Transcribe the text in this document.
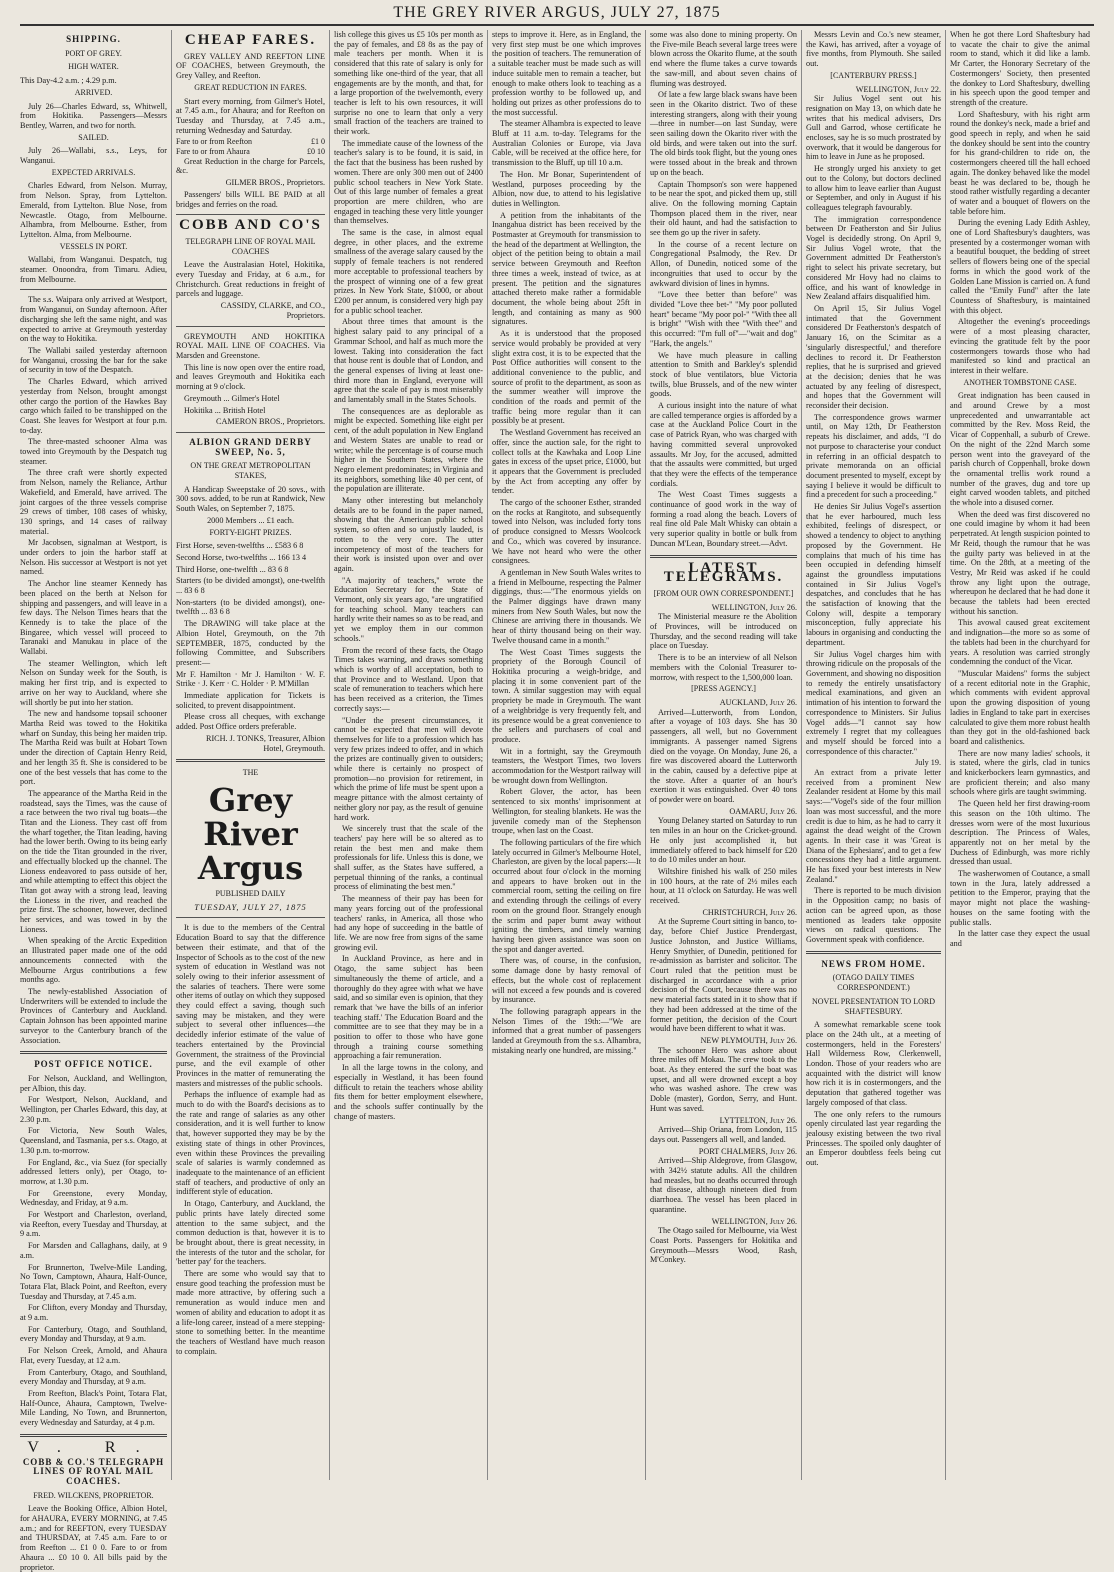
THE GREY RIVER ARGUS, JULY 27, 1875
SHIPPING.
PORT OF GREY.
HIGH WATER.

This Day-4.2 a.m. ; 4.29 p.m.

ARRIVED.

July 26—Charles Edward, ss, Whitwell, from Hokitika. Passengers—Messrs Bentley, Warren, and two for north.

SAILED.

July 26—Wallabi, s.s., Leys, for Wanganui.

EXPECTED ARRIVALS.

Charles Edward, from Nelson. Murray, from Nelson. Spray, from Lyttelton. Emerald, from Lyttelton. Blue Nose, from Newcastle. Otago, from Melbourne. Alhambra, from Melbourne. Esther, from Lyttelton. Alma, from Melbourne.

VESSELS IN PORT.

Wallabi, from Wanganui. Despatch, tug steamer. Onoondra, from Timaru. Adieu, from Melbourne.

The s.s. Waipara only arrived at Westport, from Wanganui, on Sunday afternoon. After discharging she left the same night, and was expected to arrive at Greymouth yesterday on the way to Hokitika.

The Wallabi sailed yesterday afternoon for Wanganui, crossing the bar for the sake of security in tow of the Despatch.

The Charles Edward, which arrived yesterday from Nelson, brought amongst other cargo the portion of the Hawkes Bay cargo which failed to be transhipped on the Coast. She leaves for Westport at four p.m. to-day.

The three-masted schooner Alma was towed into Greymouth by the Despatch tug steamer.

The three craft were shortly expected from Nelson, namely the Reliance, Arthur Wakefield, and Emerald, have arrived. The joint cargoes of the three vessels comprise 29 crews of timber, 108 cases of whisky, 130 springs, and 14 cases of railway material.

Mr Jacobsen, signalman at Westport, is under orders to join the harbor staff at Nelson. His successor at Westport is not yet named.

The Anchor line steamer Kennedy has been placed on the berth at Nelson for shipping and passengers, and will leave in a few days. The Nelson Times hears that the Kennedy is to take the place of the Bingaree, which vessel will proceed to Taranaki and Manukau in place of the Wallabi.

The steamer Wellington, which left Nelson on Sunday week for the South, is making her first trip, and is expected to arrive on her way to Auckland, where she will shortly be put into her station.

The new and handsome topsail schooner Martha Reid was towed to the Hokitika wharf on Sunday, this being her maiden trip. The Martha Reid was built at Hobart Town under the direction of Captain Henry Reid, and her length 35 ft. She is considered to be one of the best vessels that has come to the port.

The appearance of the Martha Reid in the roadstead, says the Times, was the cause of a race between the two rival tug boats—the Titan and the Lioness. They cast off from the wharf together, the Titan leading, having had the lower berth. Owing to its being early on the tide the Titan grounded in the river, and effectually blocked up the channel. The Lioness endeavored to pass outside of her, and while attempting to effect this object the Titan got away with a strong lead, leaving the Lioness in the river, and reached the prize first. The schooner, however, declined her services, and was towed in by the Lioness.

When speaking of the Arctic Expedition an Illustrated paper made one of the odd announcements connected with the Melbourne Argus contributions a few months ago.

The newly-established Association of Underwriters will be extended to include the Provinces of Canterbury and Auckland. Captain Johnson has been appointed marine surveyor to the Canterbury branch of the Association.

POST OFFICE NOTICE.

For Nelson, Auckland, and Wellington, per Albion, this day.

For Westport, Nelson, Auckland, and Wellington, per Charles Edward, this day, at 2.30 p.m.

For Victoria, New South Wales, Queensland, and Tasmania, per s.s. Otago, at 1.30 p.m. to-morrow.

For England, &c., via Suez (for specially addressed letters only), per Otago, to-morrow, at 1.30 p.m.

For Greenstone, every Monday, Wednesday, and Friday, at 9 a.m.

For Westport and Charleston, overland, via Reefton, every Tuesday and Thursday, at 9 a.m.

For Marsden and Callaghans, daily, at 9 a.m.

For Brunnerton, Twelve-Mile Landing, No Town, Camptown, Ahaura, Half-Ounce, Totara Flat, Black Point, and Reefton, every Tuesday and Thursday, at 7.45 a.m.

For Clifton, every Monday and Thursday, at 9 a.m.

For Canterbury, Otago, and Southland, every Monday and Thursday, at 9 a.m.

For Nelson Creek, Arnold, and Ahaura Flat, every Tuesday, at 12 a.m.

From Canterbury, Otago, and Southland, every Monday and Thursday, at 9 a.m.

From Reefton, Black's Point, Totara Flat, Half-Ounce, Ahaura, Camptown, Twelve-Mile Landing, No Town, and Brunnerton, every Wednesday and Saturday, at 4 p.m.

V. R.
COBB & CO.'S TELEGRAPH LINES OF ROYAL MAIL COACHES.
FRED. WILCKENS, PROPRIETOR.

Leave the Booking Office, Albion Hotel, for AHAURA, EVERY MORNING, at 7.45 a.m.; and for REEFTON, every TUESDAY and THURSDAY, at 7.45 a.m. Fare to or from Reefton ... £1 0 0. Fare to or from Ahaura ... £0 10 0. All bills paid by the proprietor.

CHEAP FARES.

GREY VALLEY AND REEFTON LINE OF COACHES, between Greymouth, the Grey Valley, and Reefton.

GREAT REDUCTION IN FARES.

Start every morning, from Gilmer's Hotel, at 7.45 a.m., for Ahaura; and for Reefton on Tuesday and Thursday, at 7.45 a.m., returning Wednesday and Saturday.

Fare to or from Reefton	£1 0
Fare to or from Ahaura	£0 10

Great Reduction in the charge for Parcels, &c.

GILMER BROS., Proprietors.

Passengers' bills WILL BE PAID at all bridges and ferries on the road.

COBB AND CO'S
TELEGRAPH LINE OF ROYAL MAIL COACHES

Leave the Australasian Hotel, Hokitika, every Tuesday and Friday, at 6 a.m., for Christchurch. Great reductions in freight of parcels and luggage.

CASSIDY, CLARKE, and CO., Proprietors.

GREYMOUTH AND HOKITIKA ROYAL MAIL LINE OF COACHES. Via Marsden and Greenstone.

This line is now open over the entire road, and leaves Greymouth and Hokitika each morning at 9 o'clock.

Greymouth ... Gilmer's Hotel

Hokitika ... British Hotel

CAMERON BROS., Proprietors.

ALBION GRAND DERBY SWEEP, No. 5,
ON THE GREAT METROPOLITAN STAKES,

A Handicap Sweepstake of 20 sovs., with 300 sovs. added, to be run at Randwick, New South Wales, on September 7, 1875.

2000 Members ... £1 each.
FORTY-EIGHT PRIZES.

First Horse, seven-twelfths ... £583 6 8

Second Horse, two-twelfths ... 166 13 4

Third Horse, one-twelfth ... 83 6 8

Starters (to be divided amongst), one-twelfth ... 83 6 8

Non-starters (to be divided amongst), one-twelfth ... 83 6 8

The DRAWING will take place at the Albion Hotel, Greymouth, on the 7th SEPTEMBER, 1875, conducted by the following Committee, and Subscribers present:—

Mr F. Hamilton · Mr J. Hamilton · W. F. Strike · J. Kerr · C. Holder · P. M'Millan

Immediate application for Tickets is solicited, to prevent disappointment.

Please cross all cheques, with exchange added. Post Office orders preferable.

RICH. J. TONKS, Treasurer, Albion Hotel, Greymouth.

THE
Grey River Argus
PUBLISHED DAILY
TUESDAY, JULY 27, 1875

It is due to the members of the Central Education Board to say that the difference between their estimate, and that of the Inspector of Schools as to the cost of the new system of education in Westland was not solely owing to their inferior assessment of the salaries of teachers. There were some other items of outlay on which they supposed they could effect a saving, though such saving may be mistaken, and they were subject to several other influences—the decidedly inferior estimate of the value of teachers entertained by the Provincial Government, the straitness of the Provincial purse, and the evil example of other Provinces in the matter of remunerating the masters and mistresses of the public schools.

Perhaps the influence of example had as much to do with the Board's decisions as to the rate and range of salaries as any other consideration, and it is well further to know that, however supported they may be by the existing state of things in other Provinces, even within these Provinces the prevailing scale of salaries is warmly condemned as inadequate to the maintenance of an efficient staff of teachers, and productive of only an indifferent style of education.

In Otago, Canterbury, and Auckland, the public prints have lately directed some attention to the same subject, and the common deduction is that, however it is to be brought about, there is great necessity, in the interests of the tutor and the scholar, for 'better pay' for the teachers.

There are some who would say that to ensure good teaching the profession must be made more attractive, by offering such a remuneration as would induce men and women of ability and education to adopt it as a life-long career, instead of a mere stepping-stone to something better. In the meantime the teachers of Westland have much reason to complain.

lish college this gives us £5 10s per month as the pay of females, and £8 8s as the pay of male teachers per month. When it is considered that this rate of salary is only for something like one-third of the year, that all engagements are by the month, and that, for a large proportion of the twelvemonth, every teacher is left to his own resources, it will surprise no one to learn that only a very small fraction of the teachers are trained to their work.

The immediate cause of the lowness of the teacher's salary is to be found, it is said, in the fact that the business has been rushed by women. There are only 300 men out of 2400 public school teachers in New York State. Out of this large number of females a great proportion are mere children, who are engaged in teaching these very little younger than themselves.

The same is the case, in almost equal degree, in other places, and the extreme smallness of the average salary caused by the supply of female teachers is not rendered more acceptable to professional teachers by the prospect of winning one of a few great prizes. In New York State, $1000, or about £200 per annum, is considered very high pay for a public school teacher.

About three times that amount is the highest salary paid to any principal of a Grammar School, and half as much more the lowest. Taking into consideration the fact that house rent is double that of London, and the general expenses of living at least one-third more than in England, everyone will agree that the scale of pay is most miserably and lamentably small in the States Schools.

The consequences are as deplorable as might be expected. Something like eight per cent, of the adult population in New England and Western States are unable to read or write; while the percentage is of course much higher in the Southern States, where the Negro element predominates; in Virginia and its neighbors, something like 40 per cent, of the population are illiterate.

Many other interesting but melancholy details are to be found in the paper named, showing that the American public school system, so often and so unjustly lauded, is rotten to the very core. The utter incompetency of most of the teachers for their work is insisted upon over and over again.

"A majority of teachers," wrote the Education Secretary for the State of Vermont, only six years ago, "are ungratified for teaching school. Many teachers can hardly write their names so as to be read, and yet we employ them in our common schools."

From the record of these facts, the Otago Times takes warning, and draws something which is worthy of all acceptation, both to that Province and to Westland. Upon that scale of remuneration to teachers which here has been received as a criterion, the Times correctly says:—

"Under the present circumstances, it cannot be expected that men will devote themselves for life to a profession which has very few prizes indeed to offer, and in which the prizes are continually given to outsiders; while there is certainly no prospect of promotion—no provision for retirement, in which the prime of life must be spent upon a meagre pittance with the almost certainty of neither glory nor pay, as the result of genuine hard work.

We sincerely trust that the scale of the teachers' pay here will be so altered as to retain the best men and make them professionals for life. Unless this is done, we shall suffer, as the States have suffered, a perpetual thinning of the ranks, a continual process of eliminating the best men."

The meanness of their pay has been for many years forcing out of the professional teachers' ranks, in America, all those who had any hope of succeeding in the battle of life. We are now free from signs of the same growing evil.

In Auckland Province, as here and in Otago, the same subject has been simultaneously the theme of article, and a thoroughly do they agree with what we have said, and so similar even is opinion, that they remark that 'we have the bills of an inferior teaching staff.' The Education Board and the committee are to see that they may be in a position to offer to those who have gone through a training course something approaching a fair remuneration.

In all the large towns in the colony, and especially in Westland, it has been found difficult to retain the teachers whose ability fits them for better employment elsewhere, and the schools suffer continually by the change of masters.

steps to improve it. Here, as in England, the very first step must be one which improves the position of teachers. The remuneration of a suitable teacher must be made such as will induce suitable men to remain a teacher, but enough to make others look to teaching as a profession worthy to be followed up, and holding out prizes as other professions do to the most successful.

The steamer Alhambra is expected to leave Bluff at 11 a.m. to-day. Telegrams for the Australian Colonies or Europe, via Java Cable, will be received at the office here, for transmission to the Bluff, up till 10 a.m.

The Hon. Mr Bonar, Superintendent of Westland, purposes proceeding by the Albion, now due, to attend to his legislative duties in Wellington.

A petition from the inhabitants of the Inangahua district has been received by the Postmaster at Greymouth for transmission to the head of the department at Wellington, the object of the petition being to obtain a mail service between Greymouth and Reefton three times a week, instead of twice, as at present. The petition and the signatures attached thereto make rather a formidable document, the whole being about 25ft in length, and containing as many as 900 signatures.

As it is understood that the proposed service would probably be provided at very slight extra cost, it is to be expected that the Post Office authorities will consent to the additional convenience to the public, and source of profit to the department, as soon as the summer weather will improve the condition of the roads and permit of the traffic being more regular than it can possibly be at present.

The Westland Government has received an offer, since the auction sale, for the right to collect tolls at the Kawhaka and Loop Line gates in excess of the upset price, £1000, but it appears that the Government is precluded by the Act from accepting any offer by tender.

The cargo of the schooner Esther, stranded on the rocks at Rangitoto, and subsequently towed into Nelson, was included forty tons of produce consigned to Messrs Woolcock and Co., which was covered by insurance. We have not heard who were the other consignees.

A gentleman in New South Wales writes to a friend in Melbourne, respecting the Palmer diggings, thus:—"The enormous yields on the Palmer diggings have drawn many miners from New South Wales, but now the Chinese are arriving there in thousands. We hear of thirty thousand being on their way. Twelve thousand came in a month."

The West Coast Times suggests the propriety of the Borough Council of Hokitika procuring a weigh-bridge, and placing it in some convenient part of the town. A similar suggestion may with equal propriety be made in Greymouth. The want of a weighbridge is very frequently felt, and its presence would be a great convenience to the sellers and purchasers of coal and produce.

Wit in a fortnight, say the Greymouth teamsters, the Westport Times, two lovers accommodation for the Westport railway will be wrought down from Wellington.

Robert Glover, the actor, has been sentenced to six months' imprisonment at Wellington, for stealing blankets. He was the juvenile comedy man of the Stephenson troupe, when last on the Coast.

The following particulars of the fire which lately occurred in Gilmer's Melbourne Hotel, Charleston, are given by the local papers:—It occurred about four o'clock in the morning and appears to have broken out in the commercial room, setting the ceiling on fire and extending through the ceilings of every room on the ground floor. Strangely enough the scrim and paper burnt away without igniting the timbers, and timely warning having been given assistance was soon on the spot and danger averted.

There was, of course, in the confusion, some damage done by hasty removal of effects, but the whole cost of replacement will not exceed a few pounds and is covered by insurance.

The following paragraph appears in the Nelson Times of the 19th:—"We are informed that a great number of passengers landed at Greymouth from the s.s. Alhambra, mistaking nearly one hundred, are missing."

some was also done to mining property. On the Five-mile Beach several large trees were blown across the Okarito flume, at the south end where the flume takes a curve towards the saw-mill, and about seven chains of fluming was destroyed.

Of late a few large black swans have been seen in the Okarito district. Two of these interesting strangers, along with their young—three in number—on last Sunday, were seen sailing down the Okarito river with the old birds, and were taken out into the surf. The old birds took flight, but the young ones were tossed about in the break and thrown up on the beach.

Captain Thompson's son were happened to be near the spot, and picked them up, still alive. On the following morning Captain Thompson placed them in the river, near their old haunt, and had the satisfaction to see them go up the river in safety.

In the course of a recent lecture on Congregational Psalmody, the Rev. Dr Allon, of Dunedin, noticed some of the incongruities that used to occur by the awkward division of lines in hymns.

"Love thee better than before" was divided "Love thee bet-" "My poor polluted heart" became "My poor pol-" "With thee all is bright" "Wish with thee "With thee" and this occurred: "I'm full of"—"wait and dog" "Hark, the angels."

We have much pleasure in calling attention to Smith and Barkley's splendid stock of blue ventilators, blue Victoria twills, blue Brussels, and of the new winter goods.

A curious insight into the nature of what are called temperance orgies is afforded by a case at the Auckland Police Court in the case of Patrick Ryan, who was charged with having committed several unprovoked assaults. Mr Joy, for the accused, admitted that the assaults were committed, but urged that they were the effects of the temperance cordials.

The West Coast Times suggests a continuance of good work in the way of forming a road along the beach. Lovers of real fine old Pale Malt Whisky can obtain a very superior quality in bottle or bulk from Duncan M'Lean, Boundary street.—Advt.

LATEST TELEGRAMS.
[FROM OUR OWN CORRESPONDENT.]
WELLINGTON, July 26.

The Ministerial measure re the Abolition of Provinces, will be introduced on Thursday, and the second reading will take place on Tuesday.

There is to be an interview of all Nelson members with the Colonial Treasurer to-morrow, with respect to the 1,500,000 loan.

[PRESS AGENCY.]
AUCKLAND, July 26.

Arrived—Lutterworth, from London, after a voyage of 103 days. She has 30 passengers, all well, but no Government immigrants. A passenger named Sigrens died on the voyage. On Monday, June 26, a fire was discovered aboard the Lutterworth in the cabin, caused by a defective pipe at the stove. After a quarter of an hour's exertion it was extinguished. Over 40 tons of powder were on board.

OAMARU, July 26.

Young Delaney started on Saturday to run ten miles in an hour on the Cricket-ground. He only just accomplished it, but immediately offered to back himself for £20 to do 10 miles under an hour.

Wiltshire finished his walk of 250 miles in 100 hours, at the rate of 2½ miles each hour, at 11 o'clock on Saturday. He was well received.

CHRISTCHURCH, July 26.

At the Supreme Court sitting in banco, to-day, before Chief Justice Prendergast, Justice Johnston, and Justice Williams, Henry Smythier, of Dunedin, petitioned for re-admission as barrister and solicitor. The Court ruled that the petition must be discharged in accordance with a prior decision of the Court, because there was no new material facts stated in it to show that if they had been addressed at the time of the former petition, the decision of the Court would have been different to what it was.

NEW PLYMOUTH, July 26.

The schooner Hero was ashore about three miles off Mokau. The crew took to the boat. As they entered the surf the boat was upset, and all were drowned except a boy who was washed ashore. The crew was Doble (master), Gordon, Serry, and Hunt. Hunt was saved.

LYTTELTON, July 26.

Arrived—Ship Oriana, from London, 115 days out. Passengers all well, and landed.

PORT CHALMERS, July 26.

Arrived—Ship Aldegrove, from Glasgow, with 342½ statute adults. All the children had measles, but no deaths occurred through that disease, although nineteen died from diarrhoea. The vessel has been placed in quarantine.

WELLINGTON, July 26.

The Otago sailed for Melbourne, via West Coast Ports. Passengers for Hokitika and Greymouth—Messrs Wood, Rash, M'Conkey.

Messrs Levin and Co.'s new steamer, the Kawi, has arrived, after a voyage of five months, from Plymouth. She sailed out.

[CANTERBURY PRESS.]
WELLINGTON, July 22.

Sir Julius Vogel sent out his resignation on May 13, on which date he writes that his medical advisers, Drs Gull and Garrod, whose certificate he encloses, say he is so much prostrated by overwork, that it would be dangerous for him to leave in June as he proposed.

He strongly urged his anxiety to get out to the Colony, but doctors declined to allow him to leave earlier than August or September, and only in August if his colleagues telegraph favourably.

The immigration correspondence between Dr Featherston and Sir Julius Vogel is decidedly strong. On April 9, Sir Julius Vogel wrote, that the Government admitted Dr Featherston's right to select his private secretary, but considered Mr Hovy had no claims to office, and his want of knowledge in New Zealand affairs disqualified him.

On April 15, Sir Julius Vogel intimated that the Government considered Dr Featherston's despatch of January 16, on the Scimitar as a 'singularly disrespectful,' and therefore declines to record it. Dr Featherston replies, that he is surprised and grieved at the decision; denies that he was actuated by any feeling of disrespect, and hopes that the Government will reconsider their decision.

The correspondence grows warmer until, on May 12th, Dr Featherston repeats his disclaimer, and adds, "I do not purpose to characterise your conduct in referring in an official despatch to private memoranda on an official document presented to myself, except by saying I believe it would be difficult to find a precedent for such a proceeding."

He denies Sir Julius Vogel's assertion that he ever harboured, much less exhibited, feelings of disrespect, or showed a tendency to object to anything proposed by the Government. He complains that much of his time has been occupied in defending himself against the groundless imputations contained in Sir Julius Vogel's despatches, and concludes that he has the satisfaction of knowing that the Colony will, despite a temporary misconception, fully appreciate his labours in organising and conducting the department.

Sir Julius Vogel charges him with throwing ridicule on the proposals of the Government, and showing no disposition to remedy the entirely unsatisfactory medical examinations, and given an intimation of his intention to forward the correspondence to Ministers. Sir Julius Vogel adds—"I cannot say how extremely I regret that my colleagues and myself should be forced into a correspondence of this character."

July 19.

An extract from a private letter received from a prominent New Zealander resident at Home by this mail says:—"Vogel's side of the four million loan was most successful, and the more credit is due to him, as he had to carry it against the dead weight of the Crown agents. In their case it was 'Great is Diana of the Ephesians', and to get a few concessions they had a little argument. He has fixed your best interests in New Zealand."

There is reported to be much division in the Opposition camp; no basis of action can be agreed upon, as those mentioned as leaders take opposite views on radical questions. The Government speak with confidence.

NEWS FROM HOME.
(OTAGO DAILY TIMES CORRESPONDENT.)
NOVEL PRESENTATION TO LORD SHAFTESBURY.

A somewhat remarkable scene took place on the 24th ult., at a meeting of costermongers, held in the Foresters' Hall Wilderness Row, Clerkenwell, London. Those of your readers who are acquainted with the district will know how rich it is in costermongers, and the deputation that gathered together was largely composed of that class.

The one only refers to the rumours openly circulated last year regarding the jealousy existing between the two rival Princesses. The spoiled only daughter of an Emperor doubtless feels being cut out.

When he got there Lord Shaftesbury had to vacate the chair to give the animal room to stand, which it did like a lamb. Mr Carter, the Honorary Secretary of the Costermongers' Society, then presented the donkey to Lord Shaftesbury, dwelling in his speech upon the good temper and strength of the creature.

Lord Shaftesbury, with his right arm round the donkey's neck, made a brief and good speech in reply, and when he said the donkey should be sent into the country for his grand-children to ride on, the costermongers cheered till the hall echoed again. The donkey behaved like the model beast he was declared to be, though he stood rather wistfully regarding a decanter of water and a bouquet of flowers on the table before him.

During the evening Lady Edith Ashley, one of Lord Shaftesbury's daughters, was presented by a costermonger woman with a beautiful bouquet, the bedding of street sellers of flowers being one of the special forms in which the good work of the Golden Lane Mission is carried on. A fund called the "Emily Fund" after the late Countess of Shaftesbury, is maintained with this object.

Altogether the evening's proceedings were of a most pleasing character, evincing the gratitude felt by the poor costermongers towards those who had manifested so kind and practical an interest in their welfare.

ANOTHER TOMBSTONE CASE.

Great indignation has been caused in and around Crewe by a most unprecedented and unwarrantable act committed by the Rev. Moss Reid, the Vicar of Coppenhall, a suburb of Crewe. On the night of the 22nd March some person went into the graveyard of the parish church of Coppenhall, broke down the ornamental trellis work round a number of the graves, dug and tore up eight carved wooden tablets, and pitched the whole into a disused corner.

When the deed was first discovered no one could imagine by whom it had been perpetrated. At length suspicion pointed to Mr Reid, though the rumour that he was the guilty party was believed in at the time. On the 28th, at a meeting of the Vestry, Mr Reid was asked if he could throw any light upon the outrage, whereupon he declared that he had done it because the tablets had been erected without his sanction.

This avowal caused great excitement and indignation—the more so as some of the tablets had been in the churchyard for years. A resolution was carried strongly condemning the conduct of the Vicar.

"Muscular Maidens" forms the subject of a recent editorial note in the Graphic, which comments with evident approval upon the growing disposition of young ladies in England to take part in exercises calculated to give them more robust health than they got in the old-fashioned back board and calisthenics.

There are now many ladies' schools, it is stated, where the girls, clad in tunics and knickerbockers learn gymnastics, and are proficient therein; and also many schools where girls are taught swimming.

The Queen held her first drawing-room this season on the 10th ultimo. The dresses worn were of the most luxurious description. The Princess of Wales, apparently not on her metal by the Duchess of Edinburgh, was more richly dressed than usual.

The washerwomen of Coutance, a small town in the Jura, lately addressed a petition to the Emperor, praying that the mayor might not place the washing-houses on the same footing with the public stalls.

In the latter case they expect the usual and
